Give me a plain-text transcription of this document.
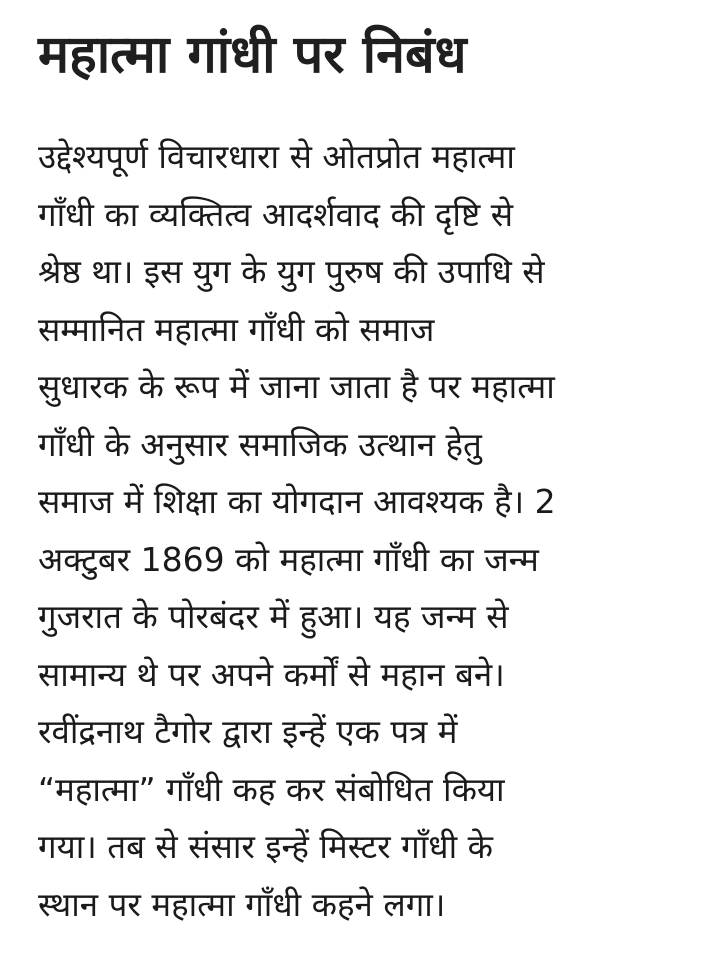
महात्मा गांधी पर निबंध
उद्देश्यपूर्ण विचारधारा से ओतप्रोत महात्मा
गाँधी का व्यक्तित्व आदर्शवाद की दृष्टि से
श्रेष्ठ था। इस युग के युग पुरुष की उपाधि से
सम्मानित महात्मा गाँधी को समाज
सुधारक के रूप में जाना जाता है पर महात्मा
गाँधी के अनुसार समाजिक उत्थान हेतु
समाज में शिक्षा का योगदान आवश्यक है। 2
अक्टुबर 1869 को महात्मा गाँधी का जन्म
गुजरात के पोरबंदर में हुआ। यह जन्म से
सामान्य थे पर अपने कर्मों से महान बने।
रवींद्रनाथ टैगोर द्वारा इन्हें एक पत्र में
“महात्मा” गाँधी कह कर संबोधित किया
गया। तब से संसार इन्हें मिस्टर गाँधी के
स्थान पर महात्मा गाँधी कहने लगा।
